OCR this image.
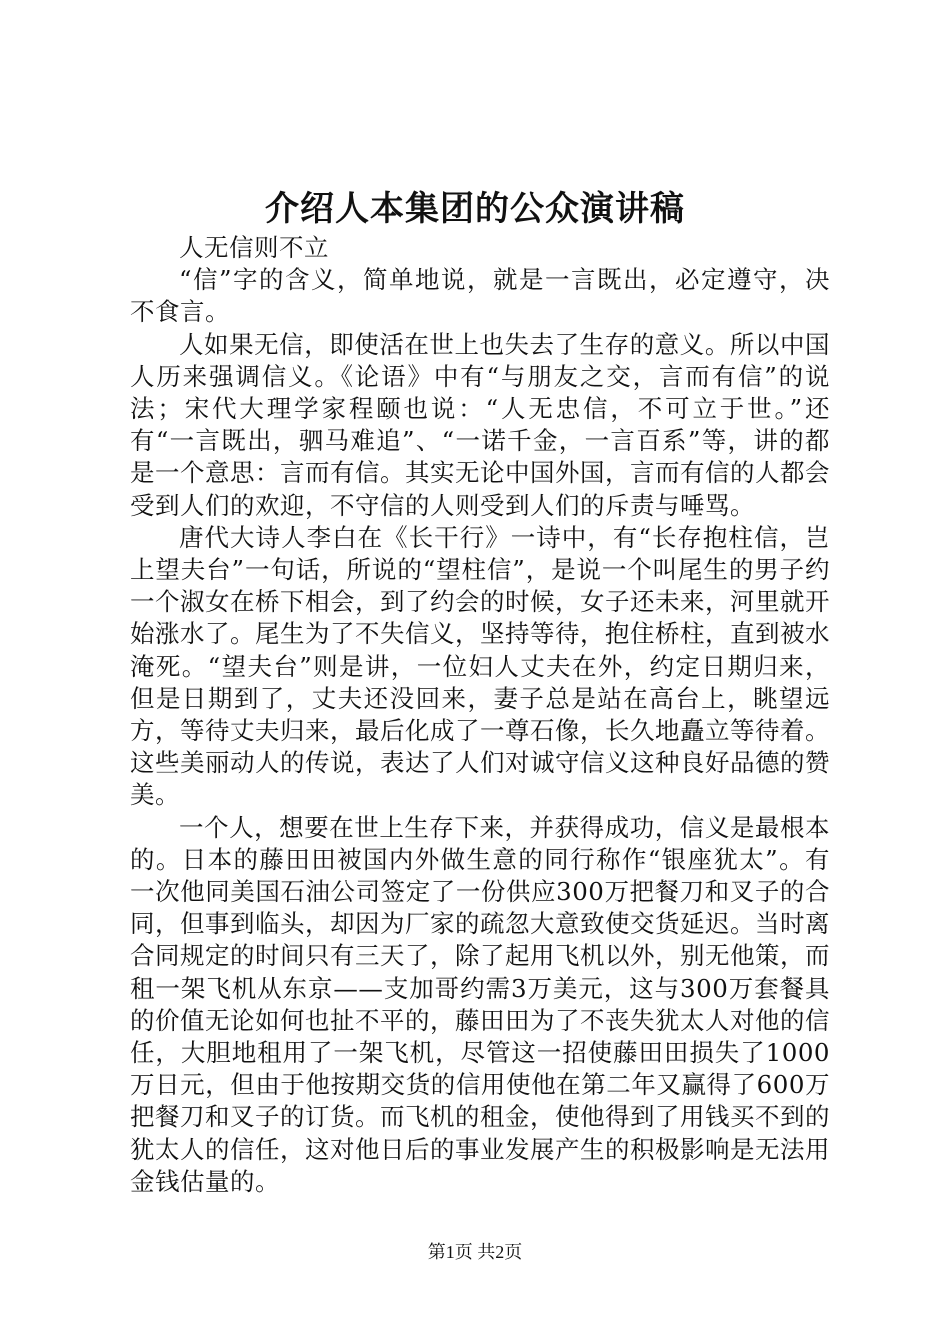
介绍人本集团的公众演讲稿

人无信则不立

“信”字的含义，简单地说，就是一言既出，必定遵守，决不食言。

人如果无信，即使活在世上也失去了生存的意义。所以中国人历来强调信义。《论语》中有“与朋友之交，言而有信”的说法；宋代大理学家程颐也说：“人无忠信，不可立于世。”还有“一言既出，驷马难追”、“一诺千金，一言百系”等，讲的都是一个意思：言而有信。其实无论中国外国，言而有信的人都会受到人们的欢迎，不守信的人则受到人们的斥责与唾骂。

唐代大诗人李白在《长干行》一诗中，有“长存抱柱信，岂上望夫台”一句话，所说的“望柱信”，是说一个叫尾生的男子约一个淑女在桥下相会，到了约会的时候，女子还未来，河里就开始涨水了。尾生为了不失信义，坚持等待，抱住桥柱，直到被水淹死。“望夫台”则是讲，一位妇人丈夫在外，约定日期归来，但是日期到了，丈夫还没回来，妻子总是站在高台上，眺望远方，等待丈夫归来，最后化成了一尊石像，长久地矗立等待着。这些美丽动人的传说，表达了人们对诚守信义这种良好品德的赞美。

一个人，想要在世上生存下来，并获得成功，信义是最根本的。日本的藤田田被国内外做生意的同行称作“银座犹太”。有一次他同美国石油公司签定了一份供应300万把餐刀和叉子的合同，但事到临头，却因为厂家的疏忽大意致使交货延迟。当时离合同规定的时间只有三天了，除了起用飞机以外，别无他策，而租一架飞机从东京——支加哥约需3万美元，这与300万套餐具的价值无论如何也扯不平的，藤田田为了不丧失犹太人对他的信任，大胆地租用了一架飞机，尽管这一招使藤田田损失了1000万日元，但由于他按期交货的信用使他在第二年又赢得了600万把餐刀和叉子的订货。而飞机的租金，使他得到了用钱买不到的犹太人的信任，这对他日后的事业发展产生的积极影响是无法用金钱估量的。

第1页 共2页
